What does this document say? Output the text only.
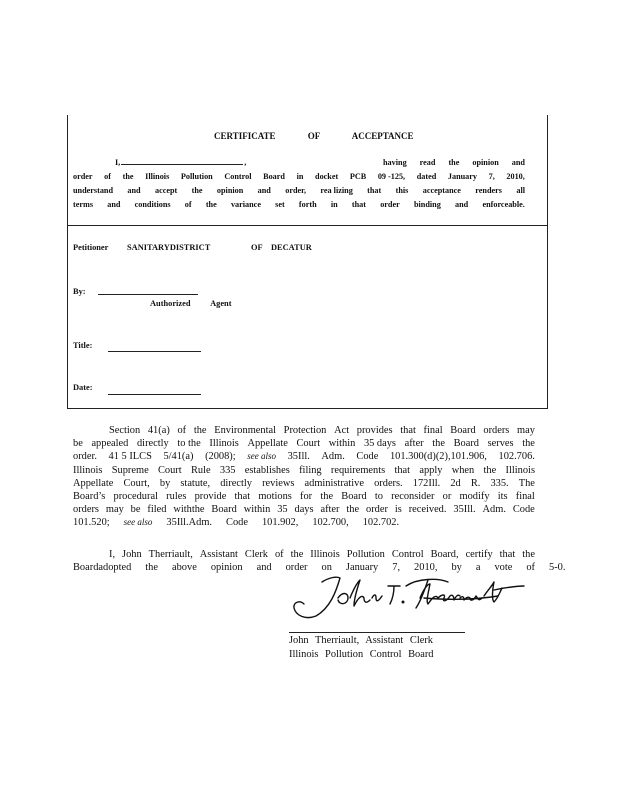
CERTIFICATE OF ACCEPTANCE
I,	,	having read the opinion and
order of the Illinois Pollution Control Board in docket PCB 09 -125, dated January 7, 2010,
understand and accept the opinion and order, rea lizing that this acceptance renders all
terms and conditions of the variance set forth in that order binding and enforceable.
Petitioner SANITARYDISTRICT	OF DECATUR
By:
Authorized Agent
Title:
Date:
Section 41(a) of the Environmental Protection Act provides that final Board orders may
be appealed directly to the Illinois Appellate Court within 35 days after the Board serves the
order. 41 5 ILCS 5/41(a) (2008); see also 35Ill. Adm. Code 101.300(d)(2),101.906, 102.706.
Illinois Supreme Court Rule 335 establishes filing requirements that apply when the Illinois
Appellate Court, by statute, directly reviews administrative orders. 172Ill. 2d R. 335. The
Board’s procedural rules provide that motions for the Board to reconsider or modify its final
orders may be filed withthe Board within 35 days after the order is received. 35Ill. Adm. Code
101.520; see also 35Ill.Adm. Code 101.902, 102.700, 102.702.
I, John Therriault, Assistant Clerk of the Illinois Pollution Control Board, certify that the
Boardadopted the above opinion and order on January 7, 2010, by a vote of 5-0.
John Therriault, Assistant Clerk
Illinois Pollution Control Board
